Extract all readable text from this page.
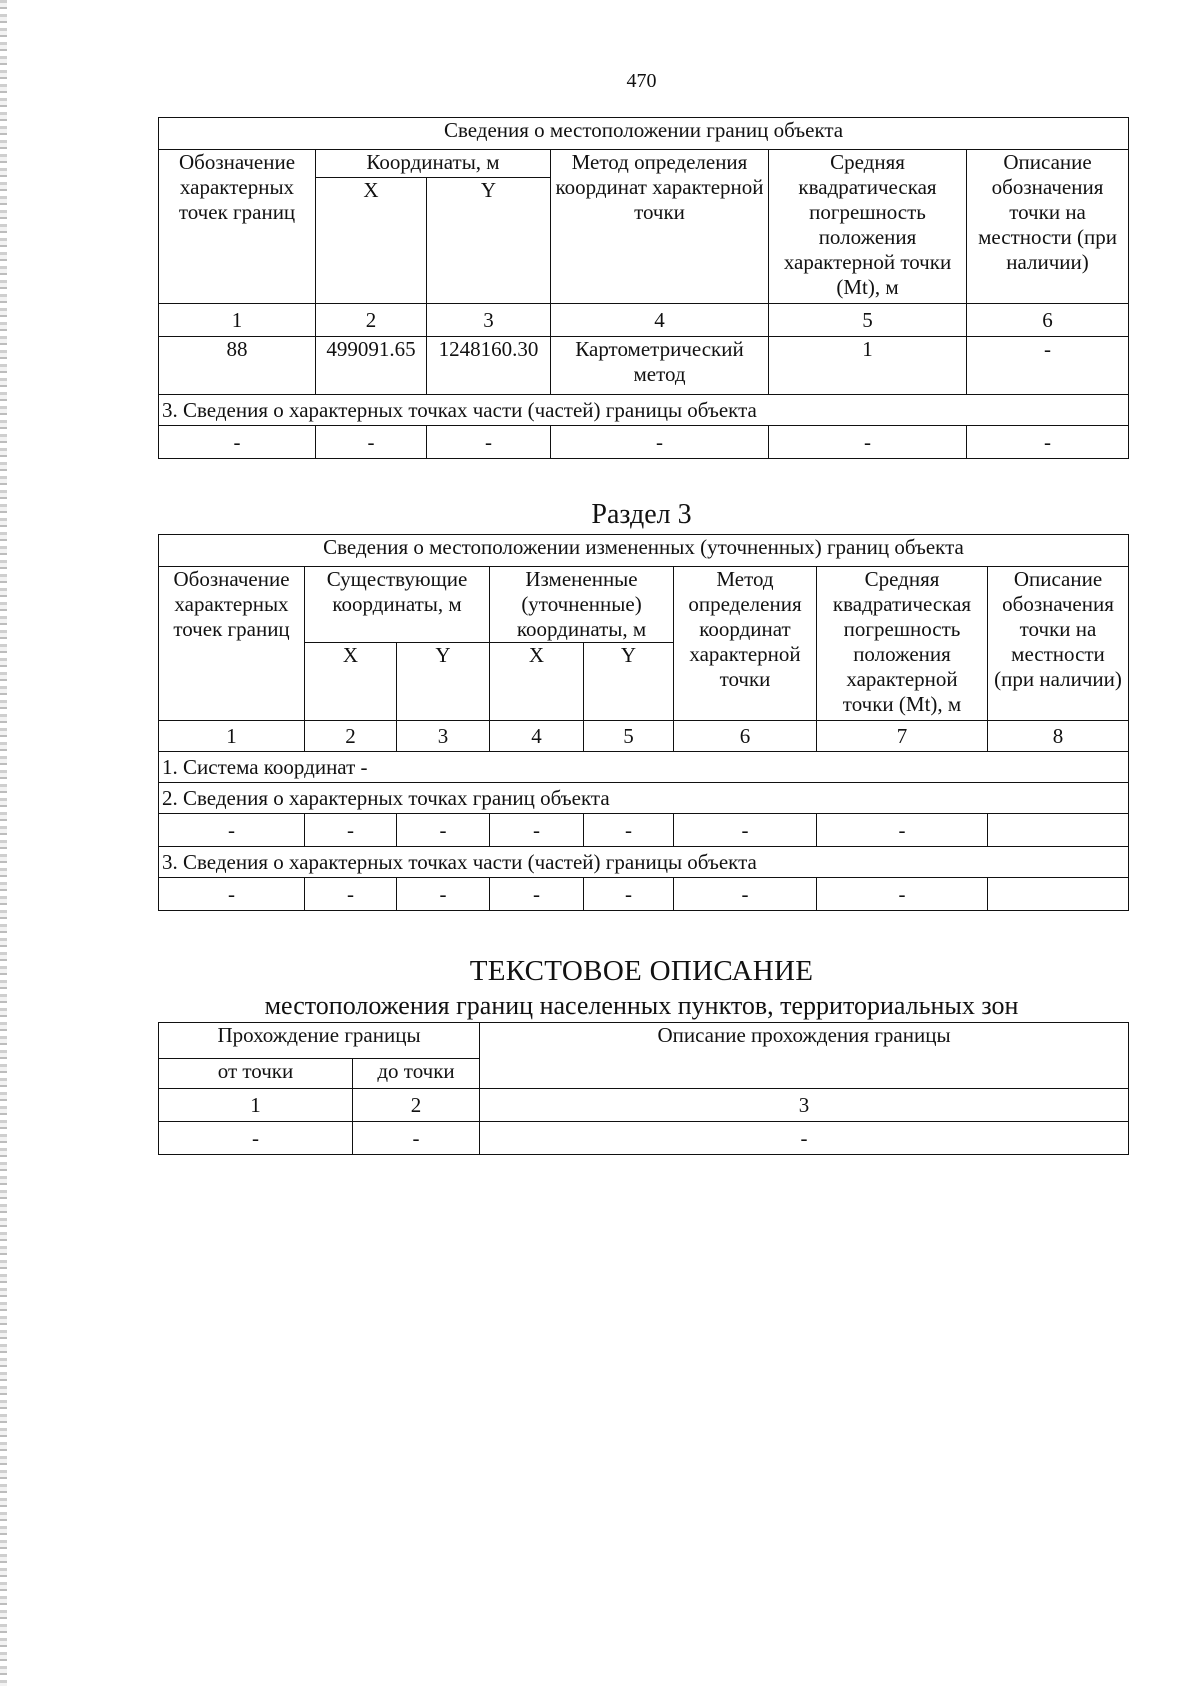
470
Сведения о местоположении границ объекта					
Обозначение характерных точек границ	Координаты, м		Метод определения координат характерной точки	Средняя квадратическая погрешность положения характерной точки (Mt), м	Описание обозначения точки на местности (при наличии)
	X	Y			
1	2	3	4	5	6
88	499091.65	1248160.30	Картометрический метод	1	-
3. Сведения о характерных точках части (частей) границы объекта					
-	-	-	-	-	-
Раздел 3
Сведения о местоположении измененных (уточненных) границ объекта							
Обозначение характерных точек границ	Существующие координаты, м		Измененные (уточненные) координаты, м		Метод определения координат характерной точки	Средняя квадратическая погрешность положения характерной точки (Mt), м	Описание обозначения точки на местности (при наличии)
	X	Y	X	Y			
1	2	3	4	5	6	7	8
1. Система координат -							
2. Сведения о характерных точках границ объекта							
-	-	-	-	-	-	-	
3. Сведения о характерных точках части (частей) границы объекта							
-	-	-	-	-	-	-	
ТЕКСТОВОЕ ОПИСАНИЕ
местоположения границ населенных пунктов, территориальных зон
Прохождение границы		Описание прохождения границы
от точки	до точки	
1	2	3
-	-	-
